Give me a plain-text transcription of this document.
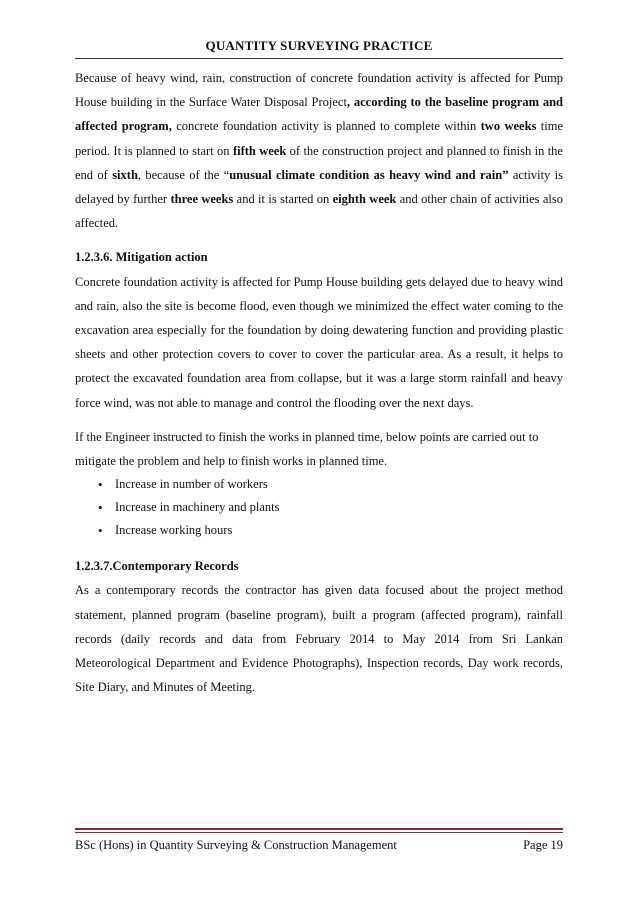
QUANTITY SURVEYING PRACTICE

Because of heavy wind, rain, construction of concrete foundation activity is affected for Pump House building in the Surface Water Disposal Project, according to the baseline program and affected program, concrete foundation activity is planned to complete within two weeks time period. It is planned to start on fifth week of the construction project and planned to finish in the end of sixth, because of the “unusual climate condition as heavy wind and rain” activity is delayed by further three weeks and it is started on eighth week and other chain of activities also affected.

1.2.3.6. Mitigation action

Concrete foundation activity is affected for Pump House building gets delayed due to heavy wind and rain, also the site is become flood, even though we minimized the effect water coming to the excavation area especially for the foundation by doing dewatering function and providing plastic sheets and other protection covers to cover to cover the particular area. As a result, it helps to protect the excavated foundation area from collapse, but it was a large storm rainfall and heavy force wind, was not able to manage and control the flooding over the next days.

If the Engineer instructed to finish the works in planned time, below points are carried out to mitigate the problem and help to finish works in planned time.

• Increase in number of workers
• Increase in machinery and plants
• Increase working hours

1.2.3.7.Contemporary Records

As a contemporary records the contractor has given data focused about the project method statement, planned program (baseline program), built a program (affected program), rainfall records (daily records and data from February 2014 to May 2014 from Sri Lankan Meteorological Department and Evidence Photographs), Inspection records, Day work records, Site Diary, and Minutes of Meeting.

BSc (Hons) in Quantity Surveying & Construction Management	Page 19
